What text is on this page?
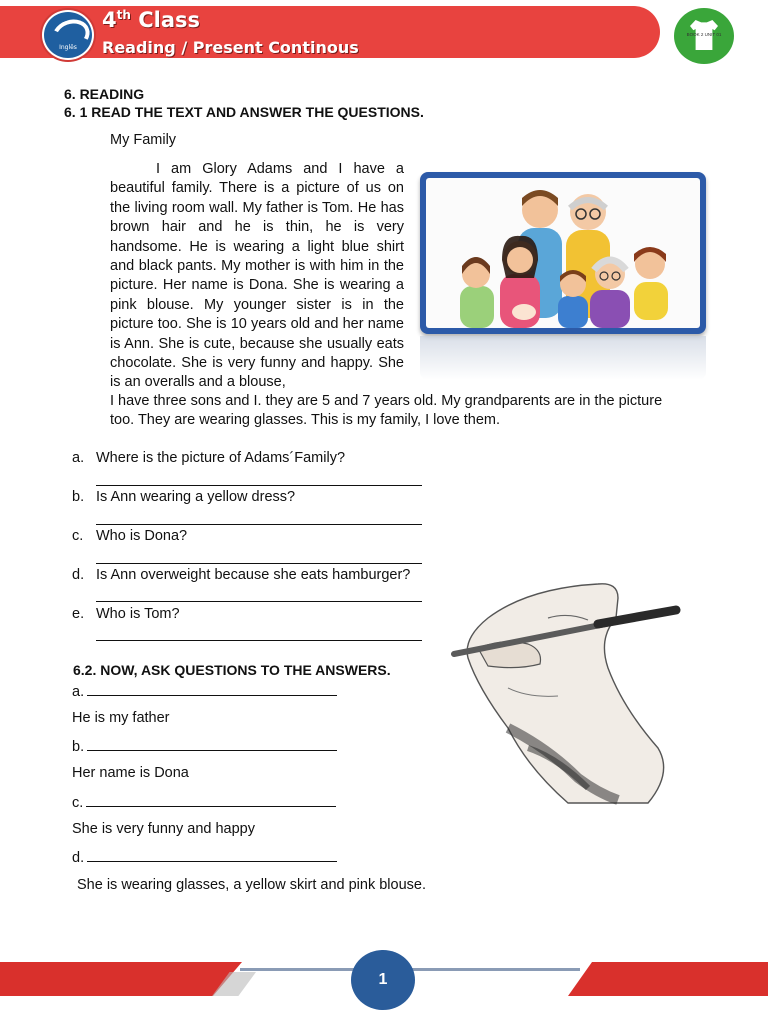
Inglês
4th Class
Reading / Present Continous
BOOK 2 UNIT 01
6. READING
6. 1 READ THE TEXT AND ANSWER THE QUESTIONS.
My Family

I am Glory Adams and I have a beautiful family. There is a picture of us on the living room wall. My father is Tom. He has brown hair and he is thin, he is very handsome. He is wearing a light blue shirt and black pants. My mother is with him in the picture. Her name is Dona. She is wearing a pink blouse. My younger sister is in the picture too. She is 10 years old and her name is Ann. She is cute, because she usually eats chocolate. She is very funny and happy. She is an overalls and a blouse,

I have three sons and I. they are 5 and 7 years old. My grandparents are in the picture too. They are wearing glasses. This is my family, I love them.

a. Where is the picture of Adams´Family?
b. Is Ann wearing a yellow dress?
c. Who is Dona?
d. Is Ann overweight because she eats hamburger?
e. Who is Tom?
6.2. NOW, ASK QUESTIONS TO THE ANSWERS.
a.
He is my father
b.
Her name is Dona
c.
She is very funny and happy
d.
She is wearing glasses, a yellow skirt and pink blouse.
1
